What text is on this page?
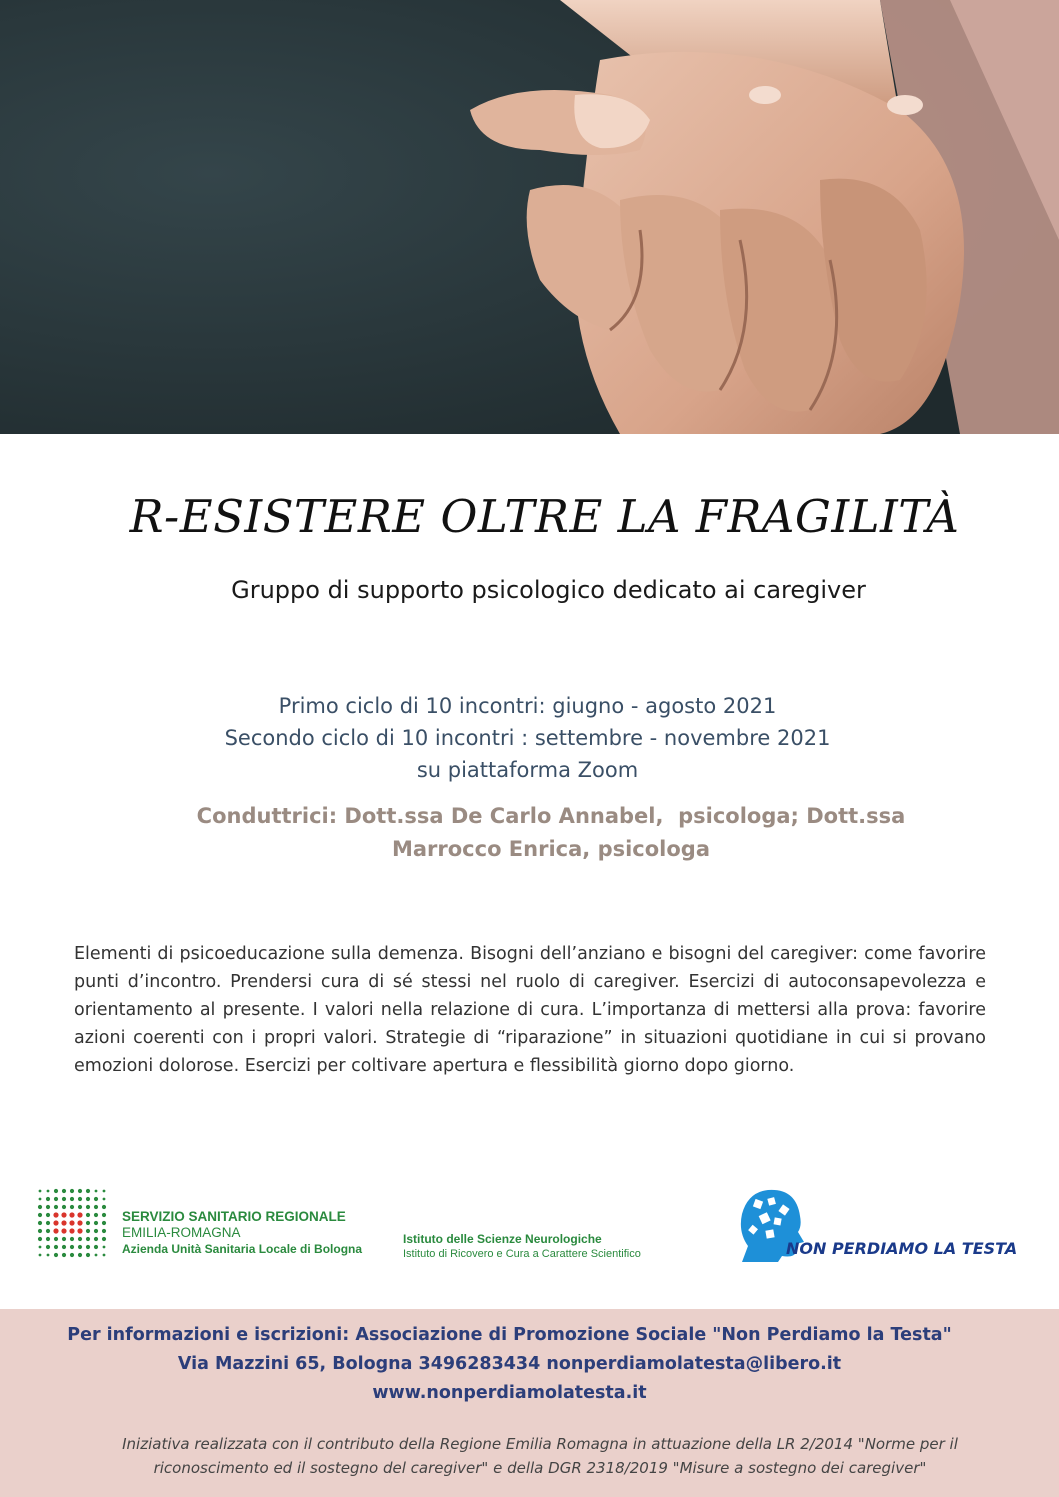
R-ESISTERE OLTRE LA FRAGILITÀ
Gruppo di supporto psicologico dedicato ai caregiver
Primo ciclo di 10 incontri: giugno - agosto 2021
Secondo ciclo di 10 incontri : settembre - novembre 2021
su piattaforma Zoom
Conduttrici: Dott.ssa De Carlo Annabel,  psicologa; Dott.ssa
Marrocco Enrica, psicologa
Elementi di psicoeducazione sulla demenza. Bisogni dell’anziano e bisogni del caregiver: come favorire punti d’incontro. Prendersi cura di sé stessi nel ruolo di caregiver. Esercizi di autoconsapevolezza e orientamento al presente. I valori nella relazione di cura. L’importanza di mettersi alla prova: favorire azioni coerenti con i propri valori. Strategie di “riparazione” in situazioni quotidiane in cui si provano emozioni dolorose. Esercizi per coltivare apertura e flessibilità giorno dopo giorno.
SERVIZIO SANITARIO REGIONALE
EMILIA-ROMAGNA
Azienda Unità Sanitaria Locale di Bologna
Istituto delle Scienze Neurologiche
Istituto di Ricovero e Cura a Carattere Scientifico	NON PERDIAMO LA TESTA
Per informazioni e iscrizioni: Associazione di Promozione Sociale "Non Perdiamo la Testa"
Via Mazzini 65, Bologna 3496283434 nonperdiamolatesta@libero.it
www.nonperdiamolatesta.it
Iniziativa realizzata con il contributo della Regione Emilia Romagna in attuazione della LR 2/2014 "Norme per il
riconoscimento ed il sostegno del caregiver" e della DGR 2318/2019 "Misure a sostegno dei caregiver"
